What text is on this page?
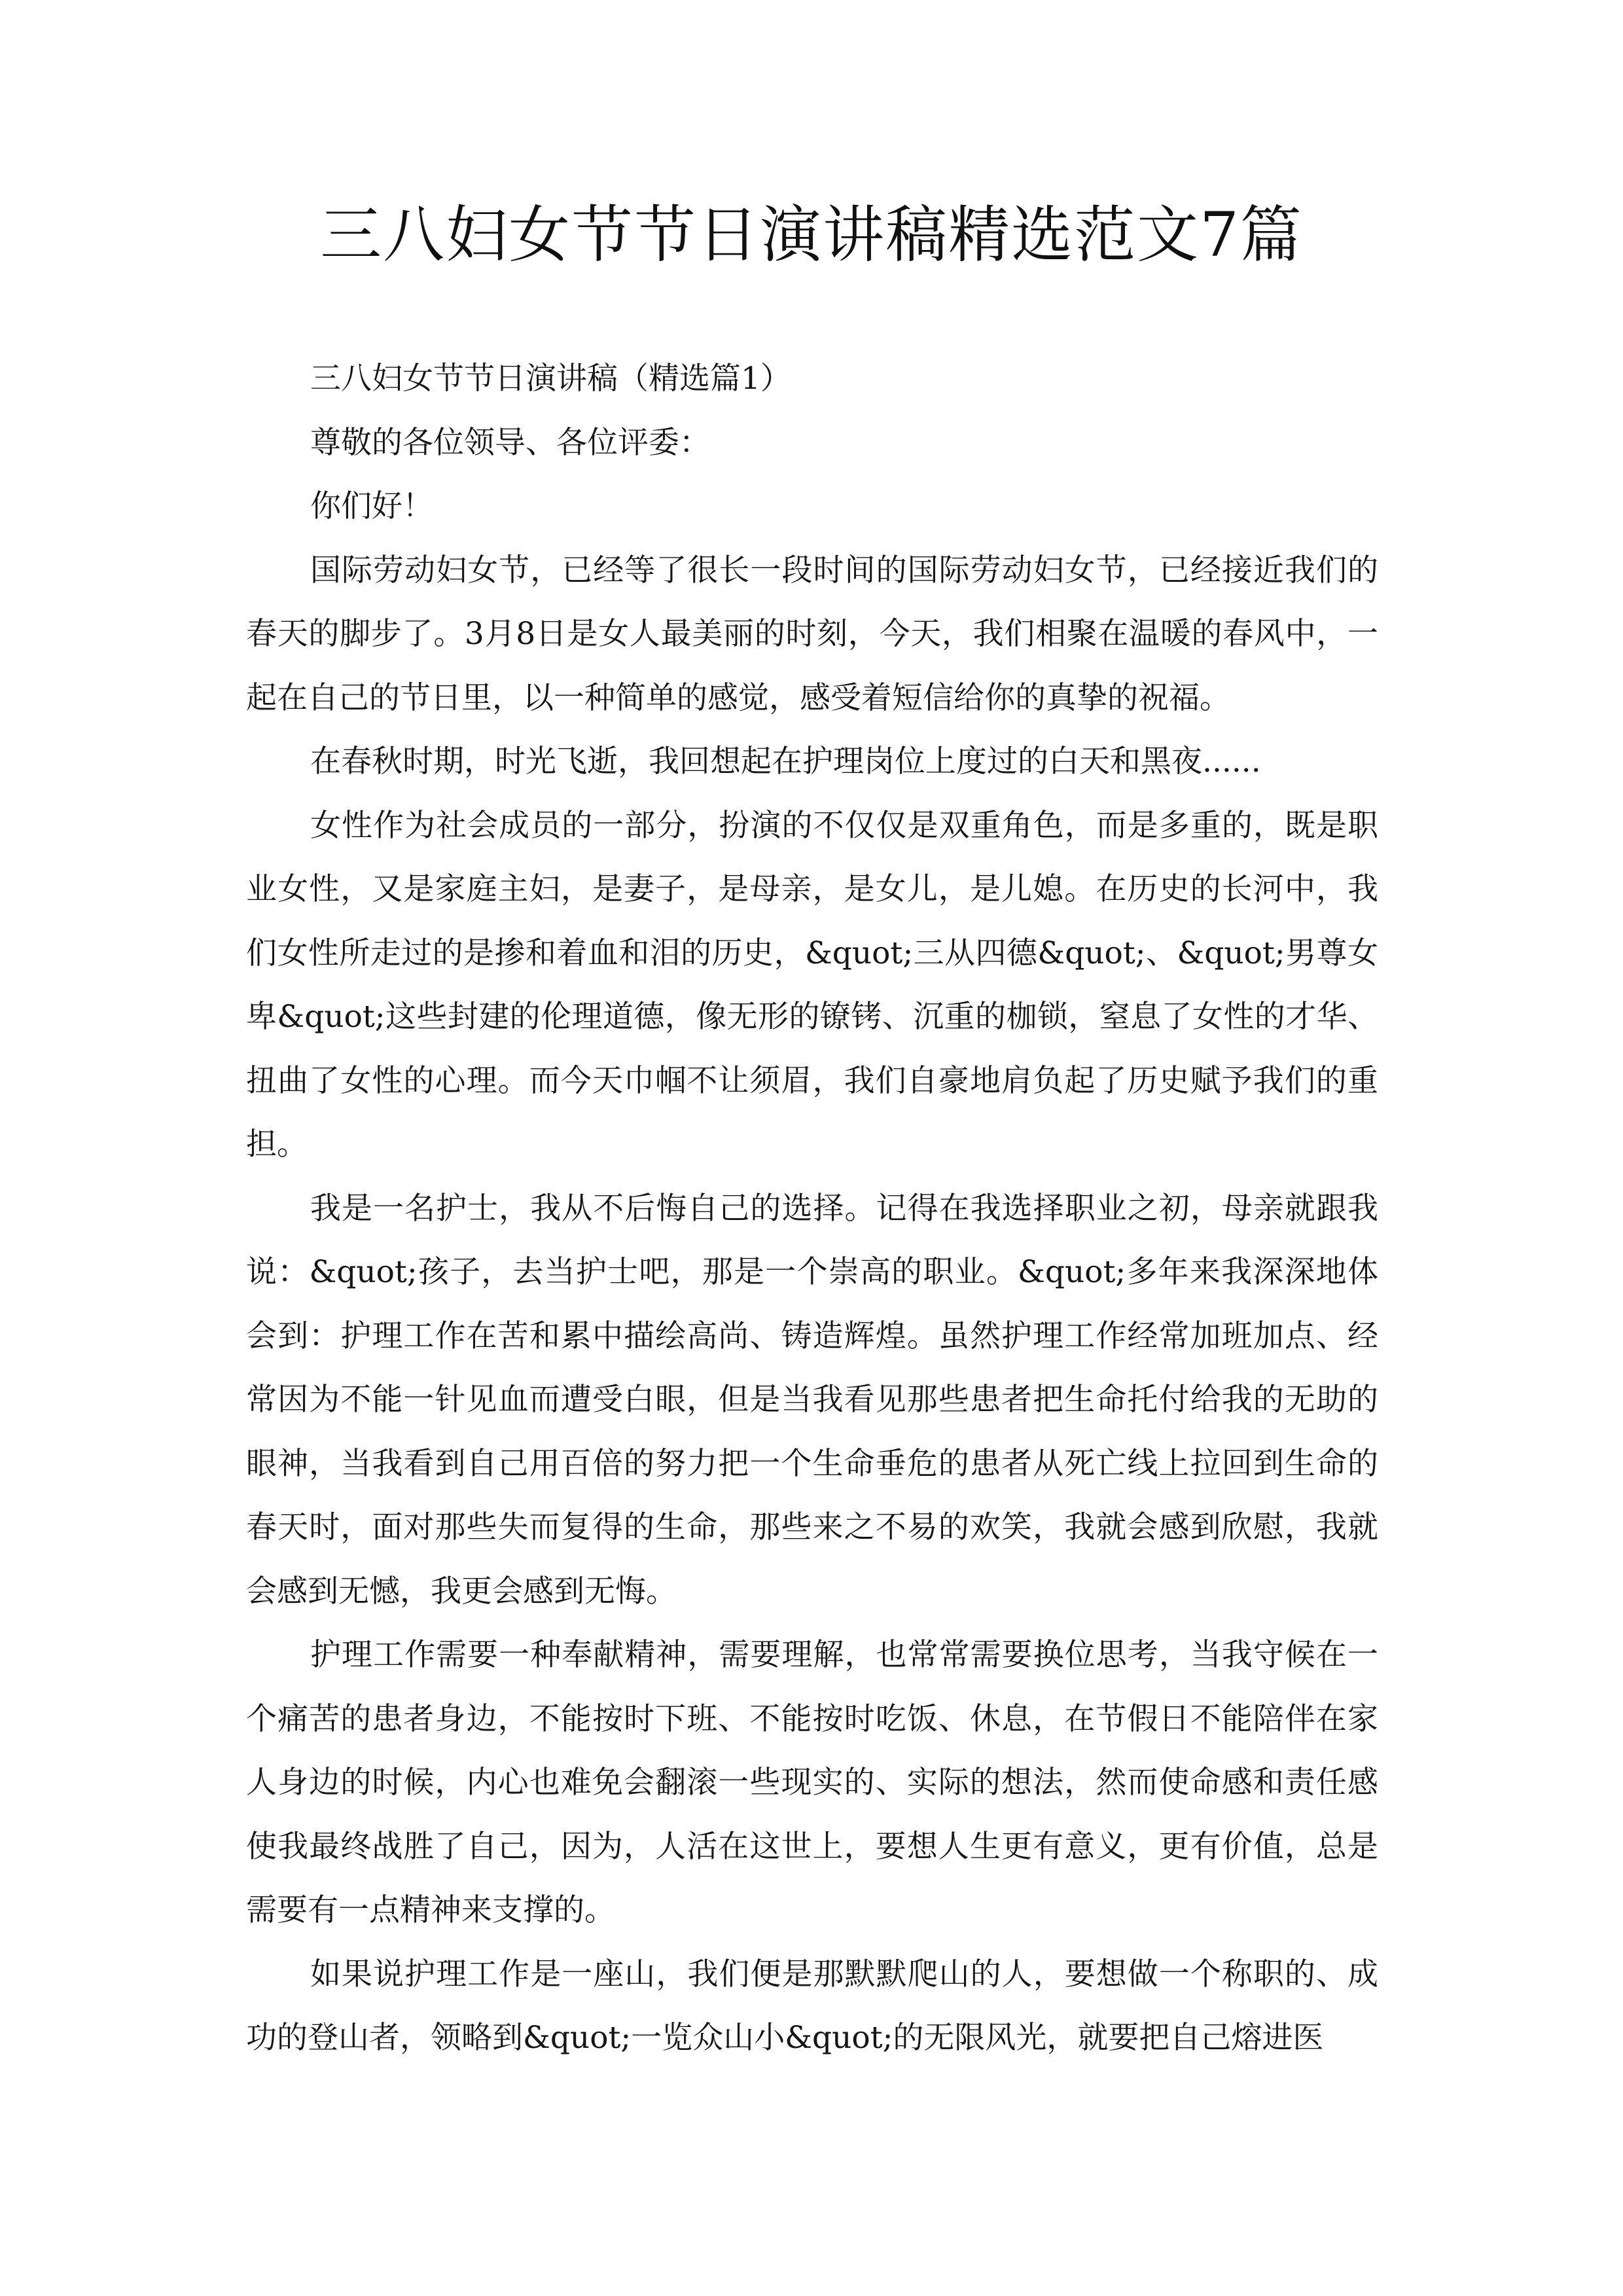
三八妇女节节日演讲稿精选范文7篇

三八妇女节节日演讲稿（精选篇1）

尊敬的各位领导、各位评委：

你们好！

国际劳动妇女节，已经等了很长一段时间的国际劳动妇女节，已经接近我们的春天的脚步了。3月8日是女人最美丽的时刻，今天，我们相聚在温暖的春风中，一起在自己的节日里，以一种简单的感觉，感受着短信给你的真挚的祝福。

在春秋时期，时光飞逝，我回想起在护理岗位上度过的白天和黑夜......

女性作为社会成员的一部分，扮演的不仅仅是双重角色，而是多重的，既是职业女性，又是家庭主妇，是妻子，是母亲，是女儿，是儿媳。在历史的长河中，我们女性所走过的是掺和着血和泪的历史，&quot;三从四德&quot;、&quot;男尊女卑&quot;这些封建的伦理道德，像无形的镣铐、沉重的枷锁，窒息了女性的才华、扭曲了女性的心理。而今天巾帼不让须眉，我们自豪地肩负起了历史赋予我们的重担。

我是一名护士，我从不后悔自己的选择。记得在我选择职业之初，母亲就跟我说：&quot;孩子，去当护士吧，那是一个崇高的职业。&quot;多年来我深深地体会到：护理工作在苦和累中描绘高尚、铸造辉煌。虽然护理工作经常加班加点、经常因为不能一针见血而遭受白眼，但是当我看见那些患者把生命托付给我的无助的眼神，当我看到自己用百倍的努力把一个生命垂危的患者从死亡线上拉回到生命的春天时，面对那些失而复得的生命，那些来之不易的欢笑，我就会感到欣慰，我就会感到无憾，我更会感到无悔。

护理工作需要一种奉献精神，需要理解，也常常需要换位思考，当我守候在一个痛苦的患者身边，不能按时下班、不能按时吃饭、休息，在节假日不能陪伴在家人身边的时候，内心也难免会翻滚一些现实的、实际的想法，然而使命感和责任感使我最终战胜了自己，因为，人活在这世上，要想人生更有意义，更有价值，总是需要有一点精神来支撑的。

如果说护理工作是一座山，我们便是那默默爬山的人，要想做一个称职的、成功的登山者，领略到&quot;一览众山小&quot;的无限风光，就要把自己熔进医
